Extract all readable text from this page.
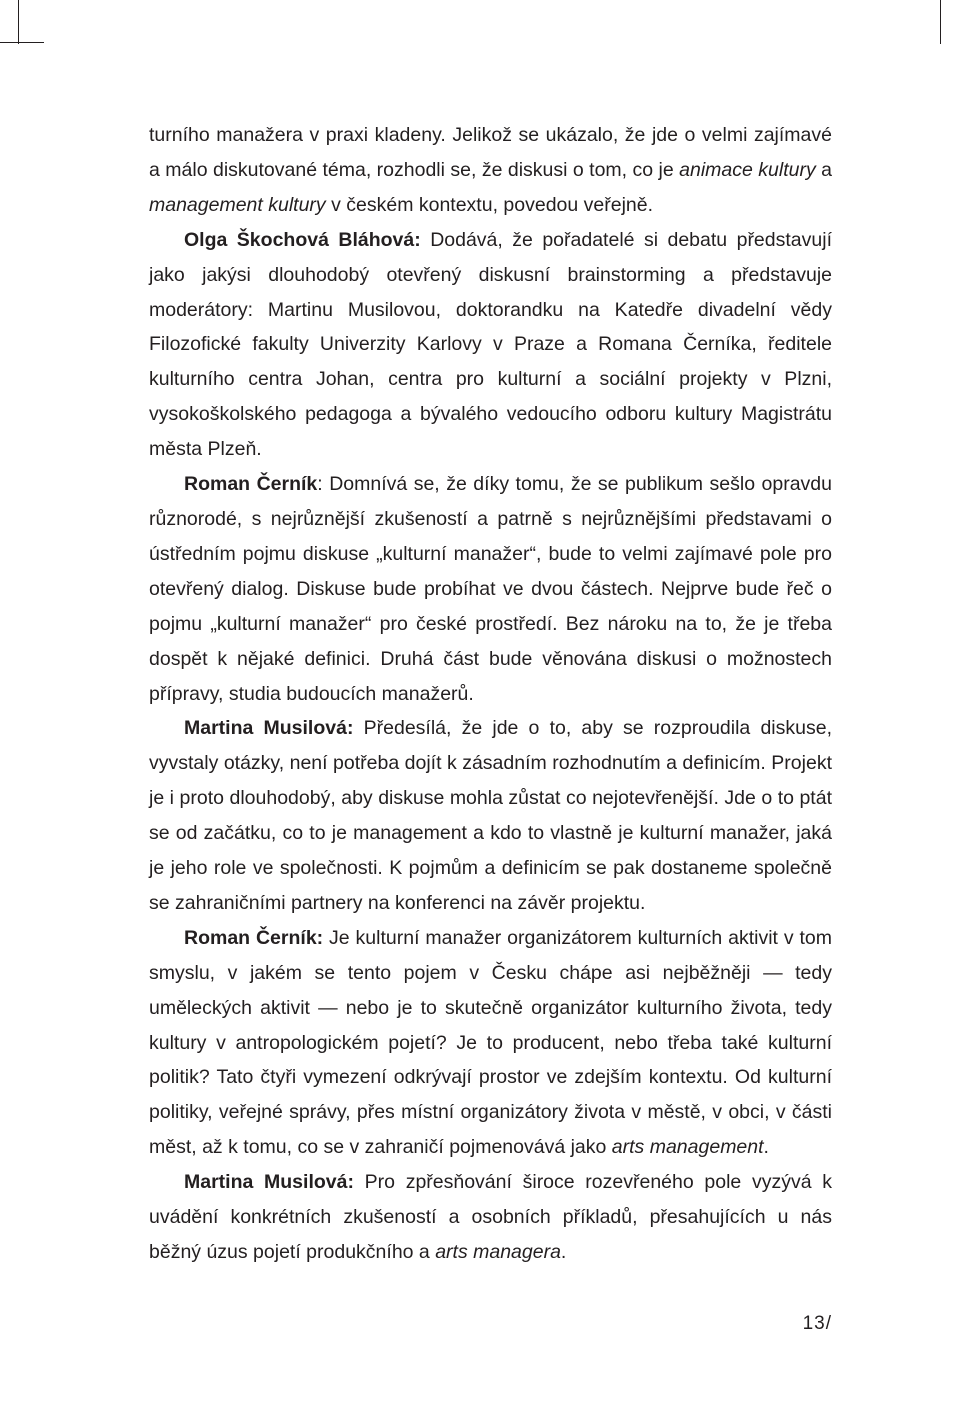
turního manažera v praxi kladeny. Jelikož se ukázalo, že jde o velmi zajímavé a málo diskutované téma, rozhodli se, že diskusi o tom, co je animace kultury a management kultury v českém kontextu, povedou veřejně.

Olga Škochová Bláhová: Dodává, že pořadatelé si debatu představují jako jakýsi dlouhodobý otevřený diskusní brainstorming a představuje moderátory: Martinu Musilovou, doktorandku na Katedře divadelní vědy Filozofické fakulty Univerzity Karlovy v Praze a Romana Černíka, ředitele kulturního centra Johan, centra pro kulturní a sociální projekty v Plzni, vysokoškolského pedagoga a bývalého vedoucího odboru kultury Magistrátu města Plzeň.

Roman Černík: Domnívá se, že díky tomu, že se publikum sešlo opravdu různorodé, s nejrůznější zkušeností a patrně s nejrůznějšími představami o ústředním pojmu diskuse „kulturní manažer“, bude to velmi zajímavé pole pro otevřený dialog. Diskuse bude probíhat ve dvou částech. Nejprve bude řeč o pojmu „kulturní manažer“ pro české prostředí. Bez nároku na to, že je třeba dospět k nějaké definici. Druhá část bude věnována diskusi o možnostech přípravy, studia budoucích manažerů.

Martina Musilová: Předesílá, že jde o to, aby se rozproudila diskuse, vyvstaly otázky, není potřeba dojít k zásadním rozhodnutím a definicím. Projekt je i proto dlouhodobý, aby diskuse mohla zůstat co nejotevřenější. Jde o to ptát se od začátku, co to je management a kdo to vlastně je kulturní manažer, jaká je jeho role ve společnosti. K pojmům a definicím se pak dostaneme společně se zahraničními partnery na konferenci na závěr projektu.

Roman Černík: Je kulturní manažer organizátorem kulturních aktivit v tom smyslu, v jakém se tento pojem v Česku chápe asi nejběžněji — tedy uměleckých aktivit — nebo je to skutečně organizátor kulturního života, tedy kultury v antropologickém pojetí? Je to producent, nebo třeba také kulturní politik? Tato čtyři vymezení odkrývají prostor ve zdejším kontextu. Od kulturní politiky, veřejné správy, přes místní organizátory života v městě, v obci, v části měst, až k tomu, co se v zahraničí pojmenovává jako arts management.

Martina Musilová: Pro zpřesňování široce rozevřeného pole vyzývá k uvádění konkrétních zkušeností a osobních příkladů, přesahujících u nás běžný úzus pojetí produkčního a arts managera.

13/
